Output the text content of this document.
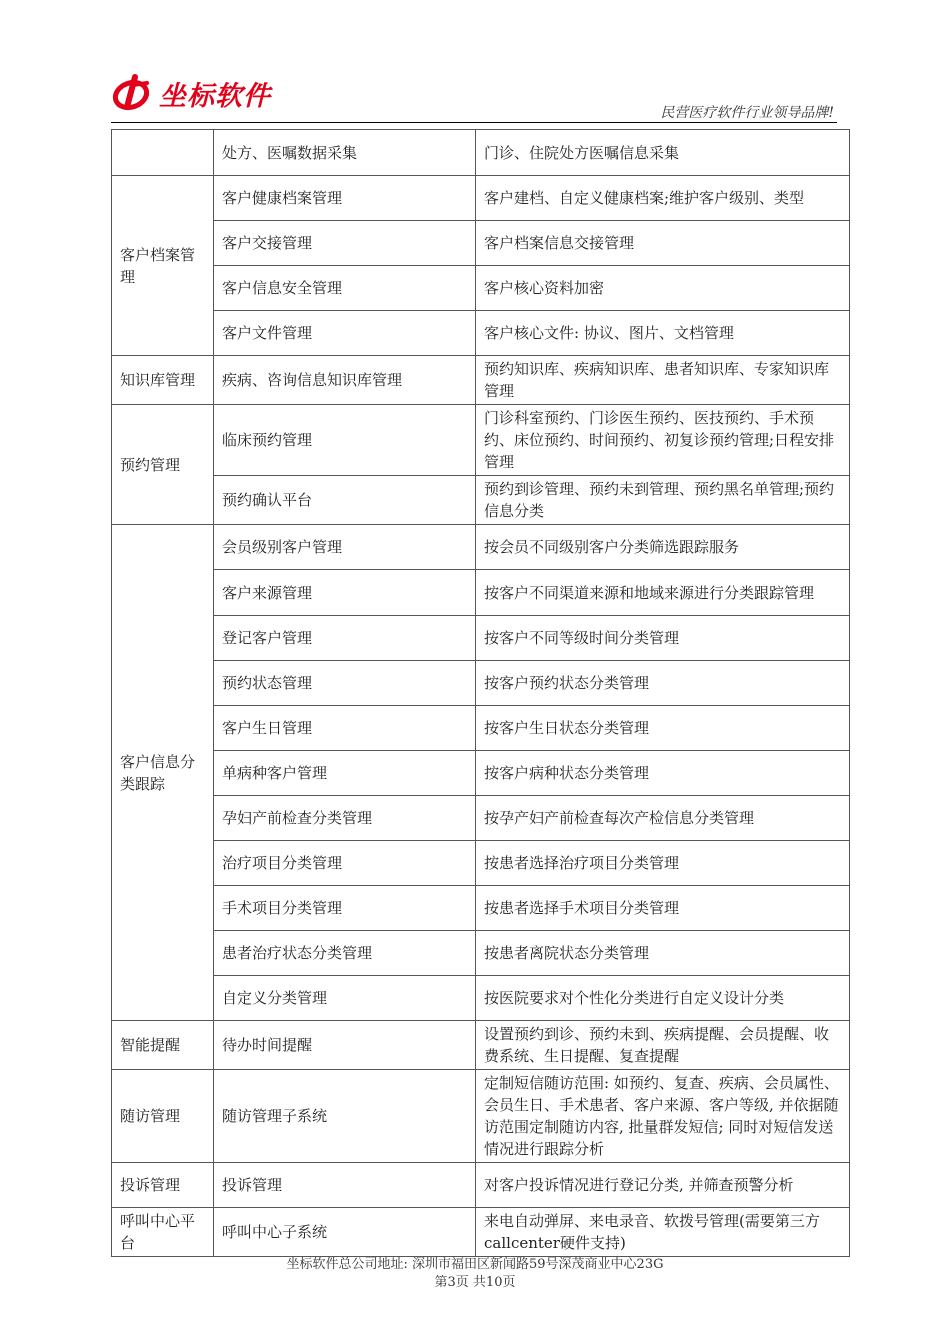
坐标软件
民营医疗软件行业领导品牌!
	处方、医嘱数据采集	门诊、住院处方医嘱信息采集
客户档案管理	客户健康档案管理	客户建档、自定义健康档案;维护客户级别、类型
	客户交接管理	客户档案信息交接管理
	客户信息安全管理	客户核心资料加密
	客户文件管理	客户核心文件: 协议、图片、文档管理
知识库管理	疾病、咨询信息知识库管理	预约知识库、疾病知识库、患者知识库、专家知识库管理
预约管理	临床预约管理	门诊科室预约、门诊医生预约、医技预约、手术预约、床位预约、时间预约、初复诊预约管理;日程安排管理
	预约确认平台	预约到诊管理、预约未到管理、预约黑名单管理;预约信息分类
客户信息分类跟踪	会员级别客户管理	按会员不同级别客户分类筛选跟踪服务
	客户来源管理	按客户不同渠道来源和地域来源进行分类跟踪管理
	登记客户管理	按客户不同等级时间分类管理
	预约状态管理	按客户预约状态分类管理
	客户生日管理	按客户生日状态分类管理
	单病种客户管理	按客户病种状态分类管理
	孕妇产前检查分类管理	按孕产妇产前检查每次产检信息分类管理
	治疗项目分类管理	按患者选择治疗项目分类管理
	手术项目分类管理	按患者选择手术项目分类管理
	患者治疗状态分类管理	按患者离院状态分类管理
	自定义分类管理	按医院要求对个性化分类进行自定义设计分类
智能提醒	待办时间提醒	设置预约到诊、预约未到、疾病提醒、会员提醒、收费系统、生日提醒、复查提醒
随访管理	随访管理子系统	定制短信随访范围: 如预约、复查、疾病、会员属性、会员生日、手术患者、客户来源、客户等级, 并依据随访范围定制随访内容, 批量群发短信; 同时对短信发送情况进行跟踪分析
投诉管理	投诉管理	对客户投诉情况进行登记分类, 并筛查预警分析
呼叫中心平台	呼叫中心子系统	来电自动弹屏、来电录音、软拨号管理(需要第三方callcenter硬件支持)
坐标软件总公司地址: 深圳市福田区新闻路59号深茂商业中心23G
第3页 共10页
